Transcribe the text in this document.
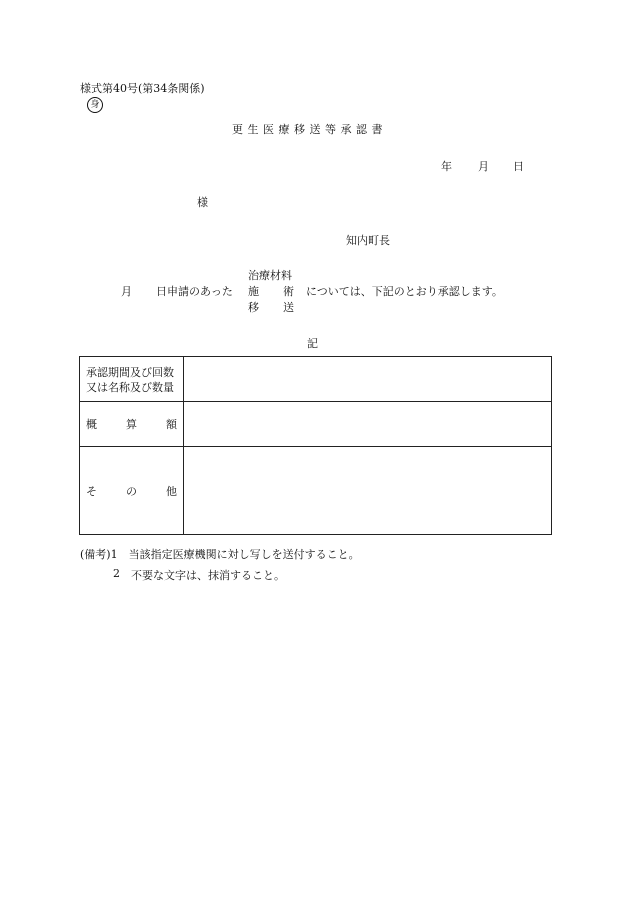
様式第40号(第34条関係)
身
更生医療移送等承認書
年 月 日
様
知内町長
月 日申請のあった
治療材料
施 術
移 送
については、下記のとおり承認します。
記
承認期間及び回数
又は名称及び数量
概	算	額
そ	の	他
(備考)1　当該指定医療機関に対し写しを送付すること。
2 不要な文字は、抹消すること。
